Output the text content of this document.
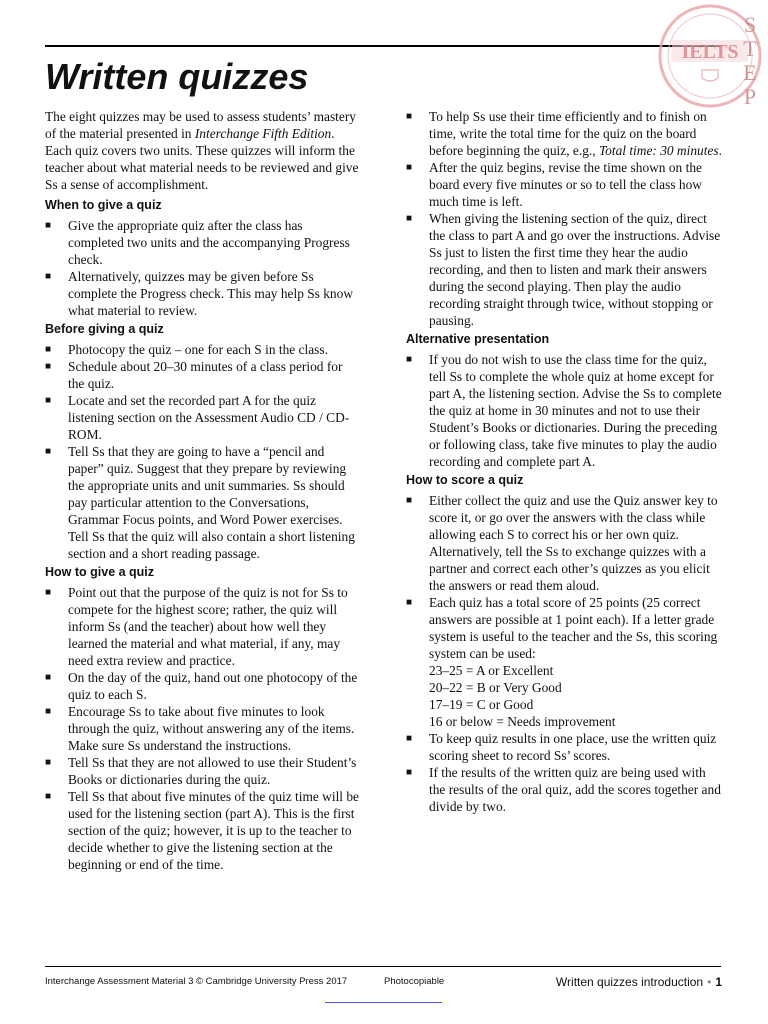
Written quizzes
IELTS
S
T
E
P

The eight quizzes may be used to assess students’ mastery of the material presented in Interchange Fifth Edition. Each quiz covers two units. These quizzes will inform the teacher about what material needs to be reviewed and give Ss a sense of accomplishment.

When to give a quiz
■ Give the appropriate quiz after the class has completed two units and the accompanying Progress check.
■ Alternatively, quizzes may be given before Ss complete the Progress check. This may help Ss know what material to review.
Before giving a quiz
■ Photocopy the quiz – one for each S in the class.
■ Schedule about 20–30 minutes of a class period for the quiz.
■ Locate and set the recorded part A for the quiz listening section on the Assessment Audio CD / CD-ROM.
■ Tell Ss that they are going to have a “pencil and paper” quiz. Suggest that they prepare by reviewing the appropriate units and unit summaries. Ss should pay particular attention to the Conversations, Grammar Focus points, and Word Power exercises. Tell Ss that the quiz will also contain a short listening section and a short reading passage.
How to give a quiz
■ Point out that the purpose of the quiz is not for Ss to compete for the highest score; rather, the quiz will inform Ss (and the teacher) about how well they learned the material and what material, if any, may need extra review and practice.
■ On the day of the quiz, hand out one photocopy of the quiz to each S.
■ Encourage Ss to take about five minutes to look through the quiz, without answering any of the items. Make sure Ss understand the instructions.
■ Tell Ss that they are not allowed to use their Student’s Books or dictionaries during the quiz.
■ Tell Ss that about five minutes of the quiz time will be used for the listening section (part A). This is the first section of the quiz; however, it is up to the teacher to decide whether to give the listening section at the beginning or end of the time.
■ To help Ss use their time efficiently and to finish on time, write the total time for the quiz on the board before beginning the quiz, e.g., Total time: 30 minutes.
■ After the quiz begins, revise the time shown on the board every five minutes or so to tell the class how much time is left.
■ When giving the listening section of the quiz, direct the class to part A and go over the instructions. Advise Ss just to listen the first time they hear the audio recording, and then to listen and mark their answers during the second playing. Then play the audio recording straight through twice, without stopping or pausing.
Alternative presentation
■ If you do not wish to use the class time for the quiz, tell Ss to complete the whole quiz at home except for part A, the listening section. Advise the Ss to complete the quiz at home in 30 minutes and not to use their Student’s Books or dictionaries. During the preceding or following class, take five minutes to play the audio recording and complete part A.
How to score a quiz
■ Either collect the quiz and use the Quiz answer key to score it, or go over the answers with the class while allowing each S to correct his or her own quiz. Alternatively, tell the Ss to exchange quizzes with a partner and correct each other’s quizzes as you elicit the answers or read them aloud.
■ Each quiz has a total score of 25 points (25 correct answers are possible at 1 point each). If a letter grade system is useful to the teacher and the Ss, this scoring system can be used:
23–25 = A or Excellent
20–22 = B or Very Good
17–19 = C or Good
16 or below = Needs improvement
■ To keep quiz results in one place, use the written quiz scoring sheet to record Ss’ scores.
■ If the results of the written quiz are being used with the results of the oral quiz, add the scores together and divide by two.
Interchange Assessment Material 3 © Cambridge University Press 2017	Photocopiable	Written quizzes introduction • 1
